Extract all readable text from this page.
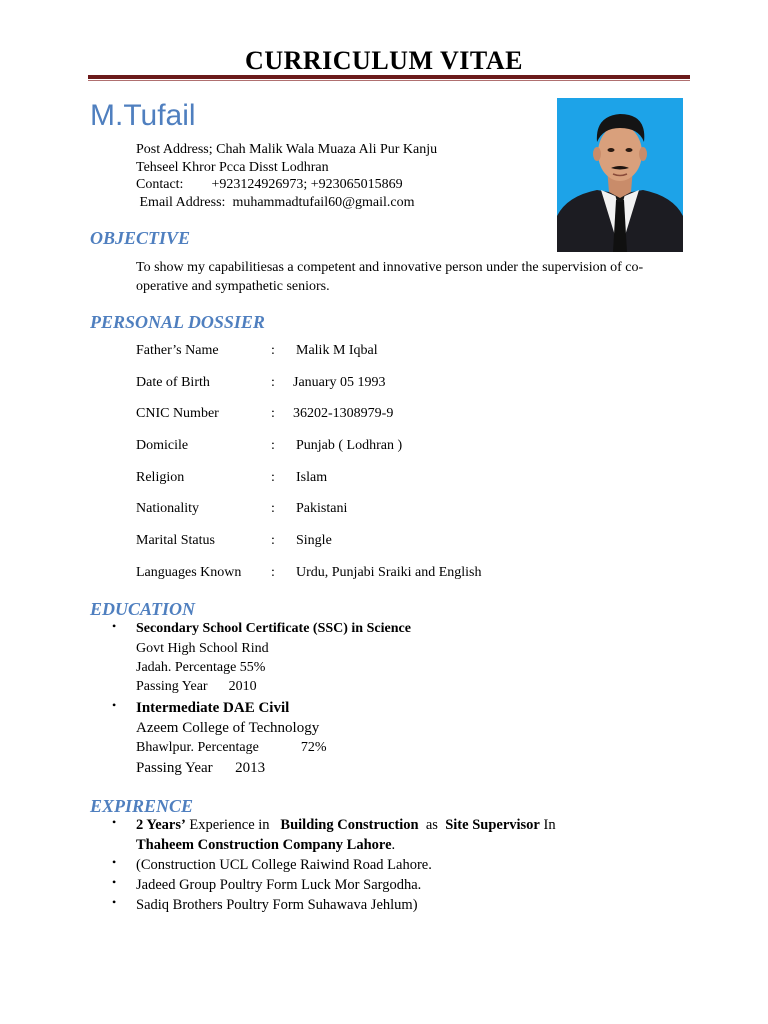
CURRICULUM VITAE
M.Tufail
Post Address; Chah Malik Wala Muaza Ali Pur Kanju
Tehseel Khror Pcca Disst Lodhran
Contact: +923124926973; +923065015869
Email Address: muhammadtufail60@gmail.com
OBJECTIVE
To show my capabilitiesas a competent and innovative person under the supervision of co-
operative and sympathetic seniors.
PERSONAL DOSSIER
Father’s Name	: Malik M Iqbal
Date of Birth	: January 05 1993
CNIC Number	: 36202-1308979-9
Domicile	: Punjab ( Lodhran )
Religion	: Islam
Nationality	: Pakistani
Marital Status	: Single
Languages Known : Urdu, Punjabi Sraiki and English
EDUCATION
• Secondary School Certificate (SSC) in Science
Govt High School Rind
Jadah. Percentage 55%
Passing Year      2010
• Intermediate DAE Civil
Azeem College of Technology
Bhawlpur. Percentage            72%
Passing Year      2013
EXPIRENCE
• 2 Years’ Experience in   Building Construction  as  Site Supervisor In
Thaheem Construction Company Lahore.
• (Construction UCL College Raiwind Road Lahore.
• Jadeed Group Poultry Form Luck Mor Sargodha.
• Sadiq Brothers Poultry Form Suhawava Jehlum)
